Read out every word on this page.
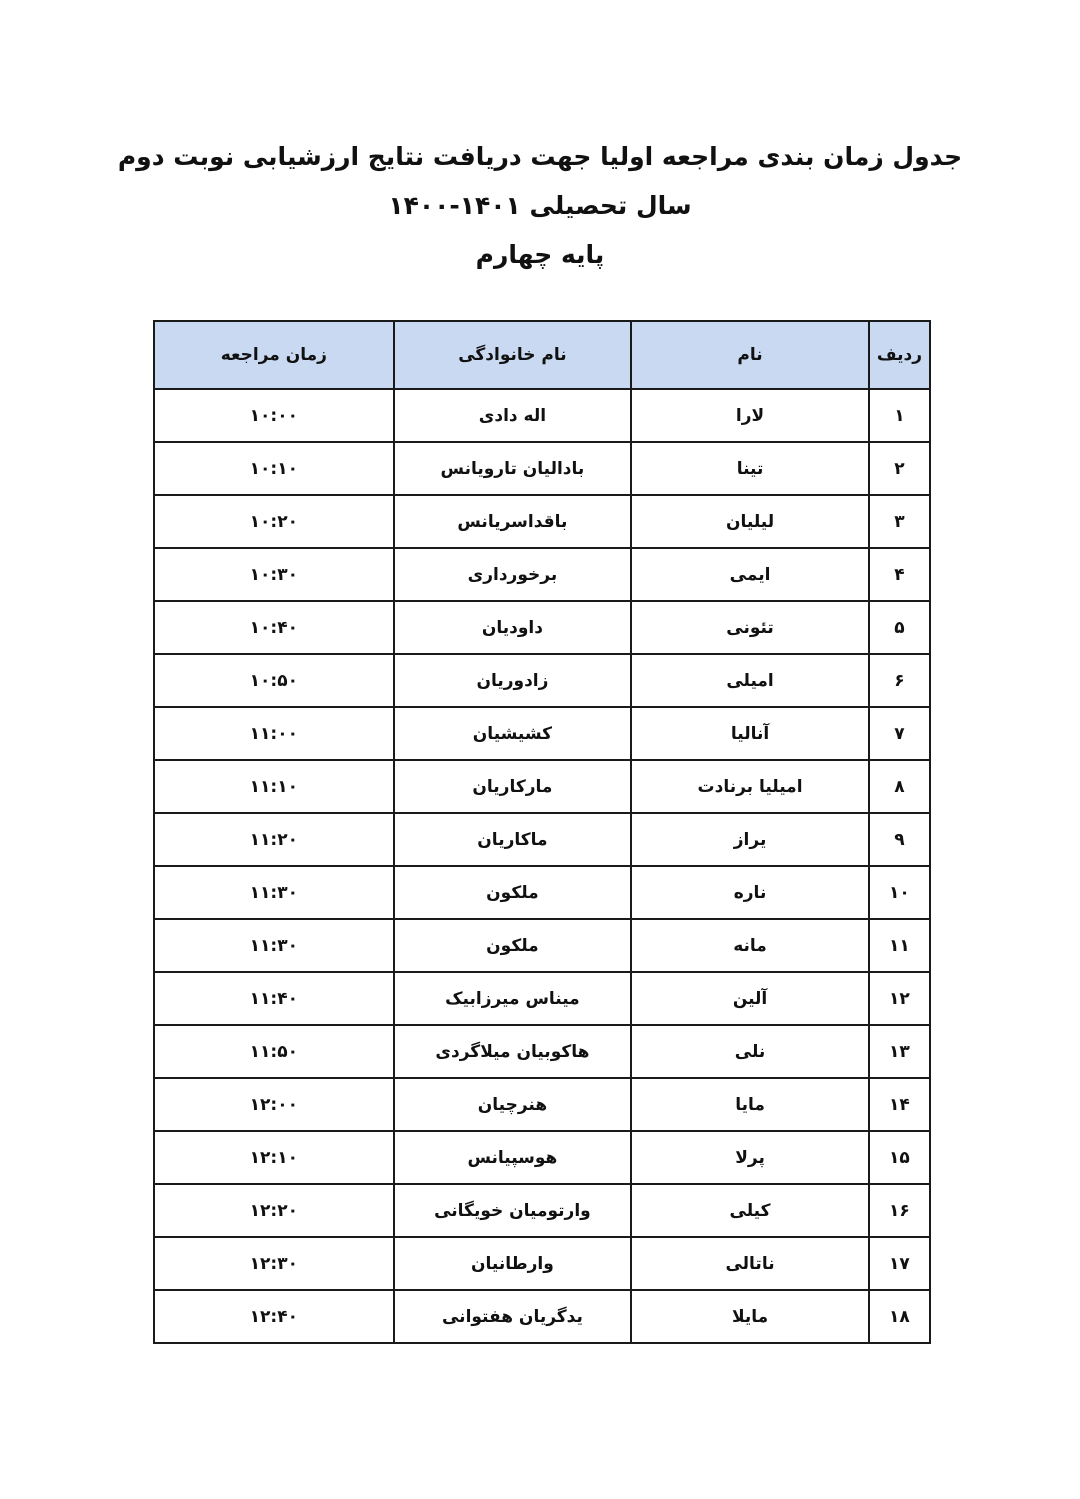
جدول زمان بندی مراجعه اولیا جهت دریافت نتایج ارزشیابی نوبت دوم

سال تحصیلی ۱۴۰۱-۱۴۰۰

پایه چهارم

ردیف	نام	نام خانوادگی	زمان مراجعه
۱	لارا	اله دادی	۱۰:۰۰
۲	تینا	بادالیان تارویانس	۱۰:۱۰
۳	لیلیان	باقداسریانس	۱۰:۲۰
۴	ایمی	برخورداری	۱۰:۳۰
۵	تئونی	داودیان	۱۰:۴۰
۶	امیلی	زادوریان	۱۰:۵۰
۷	آنالیا	کشیشیان	۱۱:۰۰
۸	امیلیا برنادت	مارکاریان	۱۱:۱۰
۹	یراز	ماکاریان	۱۱:۲۰
۱۰	ناره	ملکون	۱۱:۳۰
۱۱	مانه	ملکون	۱۱:۳۰
۱۲	آلین	میناس میرزابیک	۱۱:۴۰
۱۳	نلی	هاکوبیان میلاگردی	۱۱:۵۰
۱۴	مایا	هنرچیان	۱۲:۰۰
۱۵	پرلا	هوسپیانس	۱۲:۱۰
۱۶	کیلی	وارتومیان خویگانی	۱۲:۲۰
۱۷	ناتالی	وارطانیان	۱۲:۳۰
۱۸	مایلا	یدگریان هفتوانی	۱۲:۴۰
